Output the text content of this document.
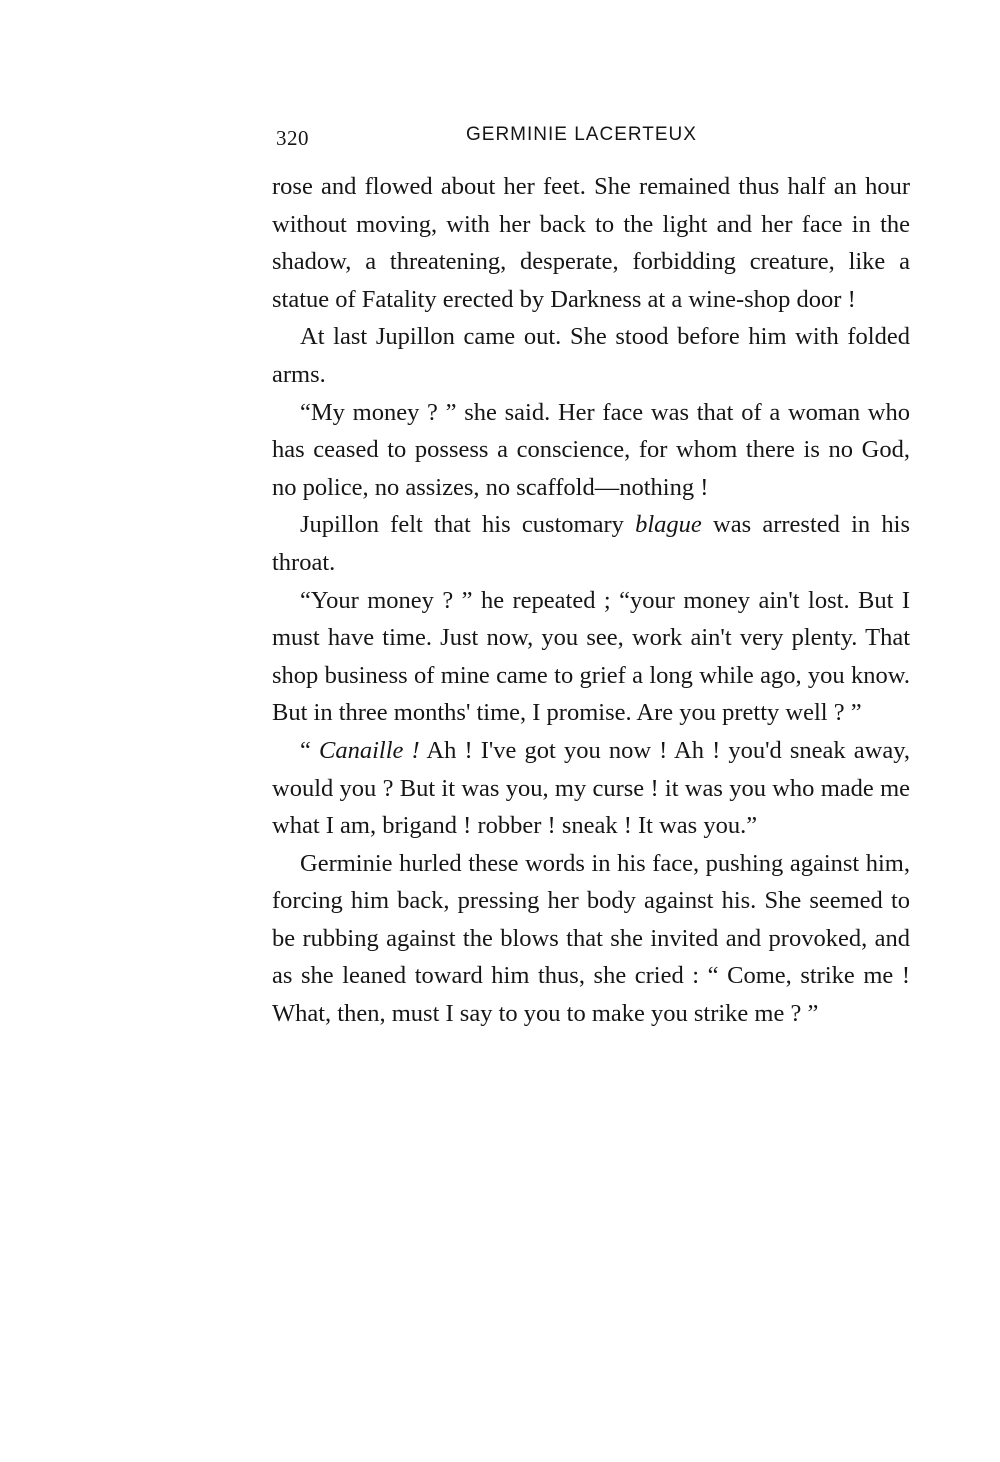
320	GERMINIE LACERTEUX

rose and flowed about her feet. She remained thus half an hour without moving, with her back to the light and her face in the shadow, a threatening, desperate, forbidding creature, like a statue of Fatality erected by Darkness at a wine-shop door !

At last Jupillon came out. She stood before him with folded arms.

“My money ? ” she said. Her face was that of a woman who has ceased to possess a conscience, for whom there is no God, no police, no assizes, no scaffold—nothing !

Jupillon felt that his customary blague was arrested in his throat.

“Your money ? ” he repeated ; “your money ain't lost. But I must have time. Just now, you see, work ain't very plenty. That shop business of mine came to grief a long while ago, you know. But in three months' time, I promise. Are you pretty well ? ”

“ Canaille ! Ah ! I've got you now ! Ah ! you'd sneak away, would you ? But it was you, my curse ! it was you who made me what I am, brigand ! robber ! sneak ! It was you.”

Germinie hurled these words in his face, pushing against him, forcing him back, pressing her body against his. She seemed to be rubbing against the blows that she invited and provoked, and as she leaned toward him thus, she cried : “ Come, strike me ! What, then, must I say to you to make you strike me ? ”
